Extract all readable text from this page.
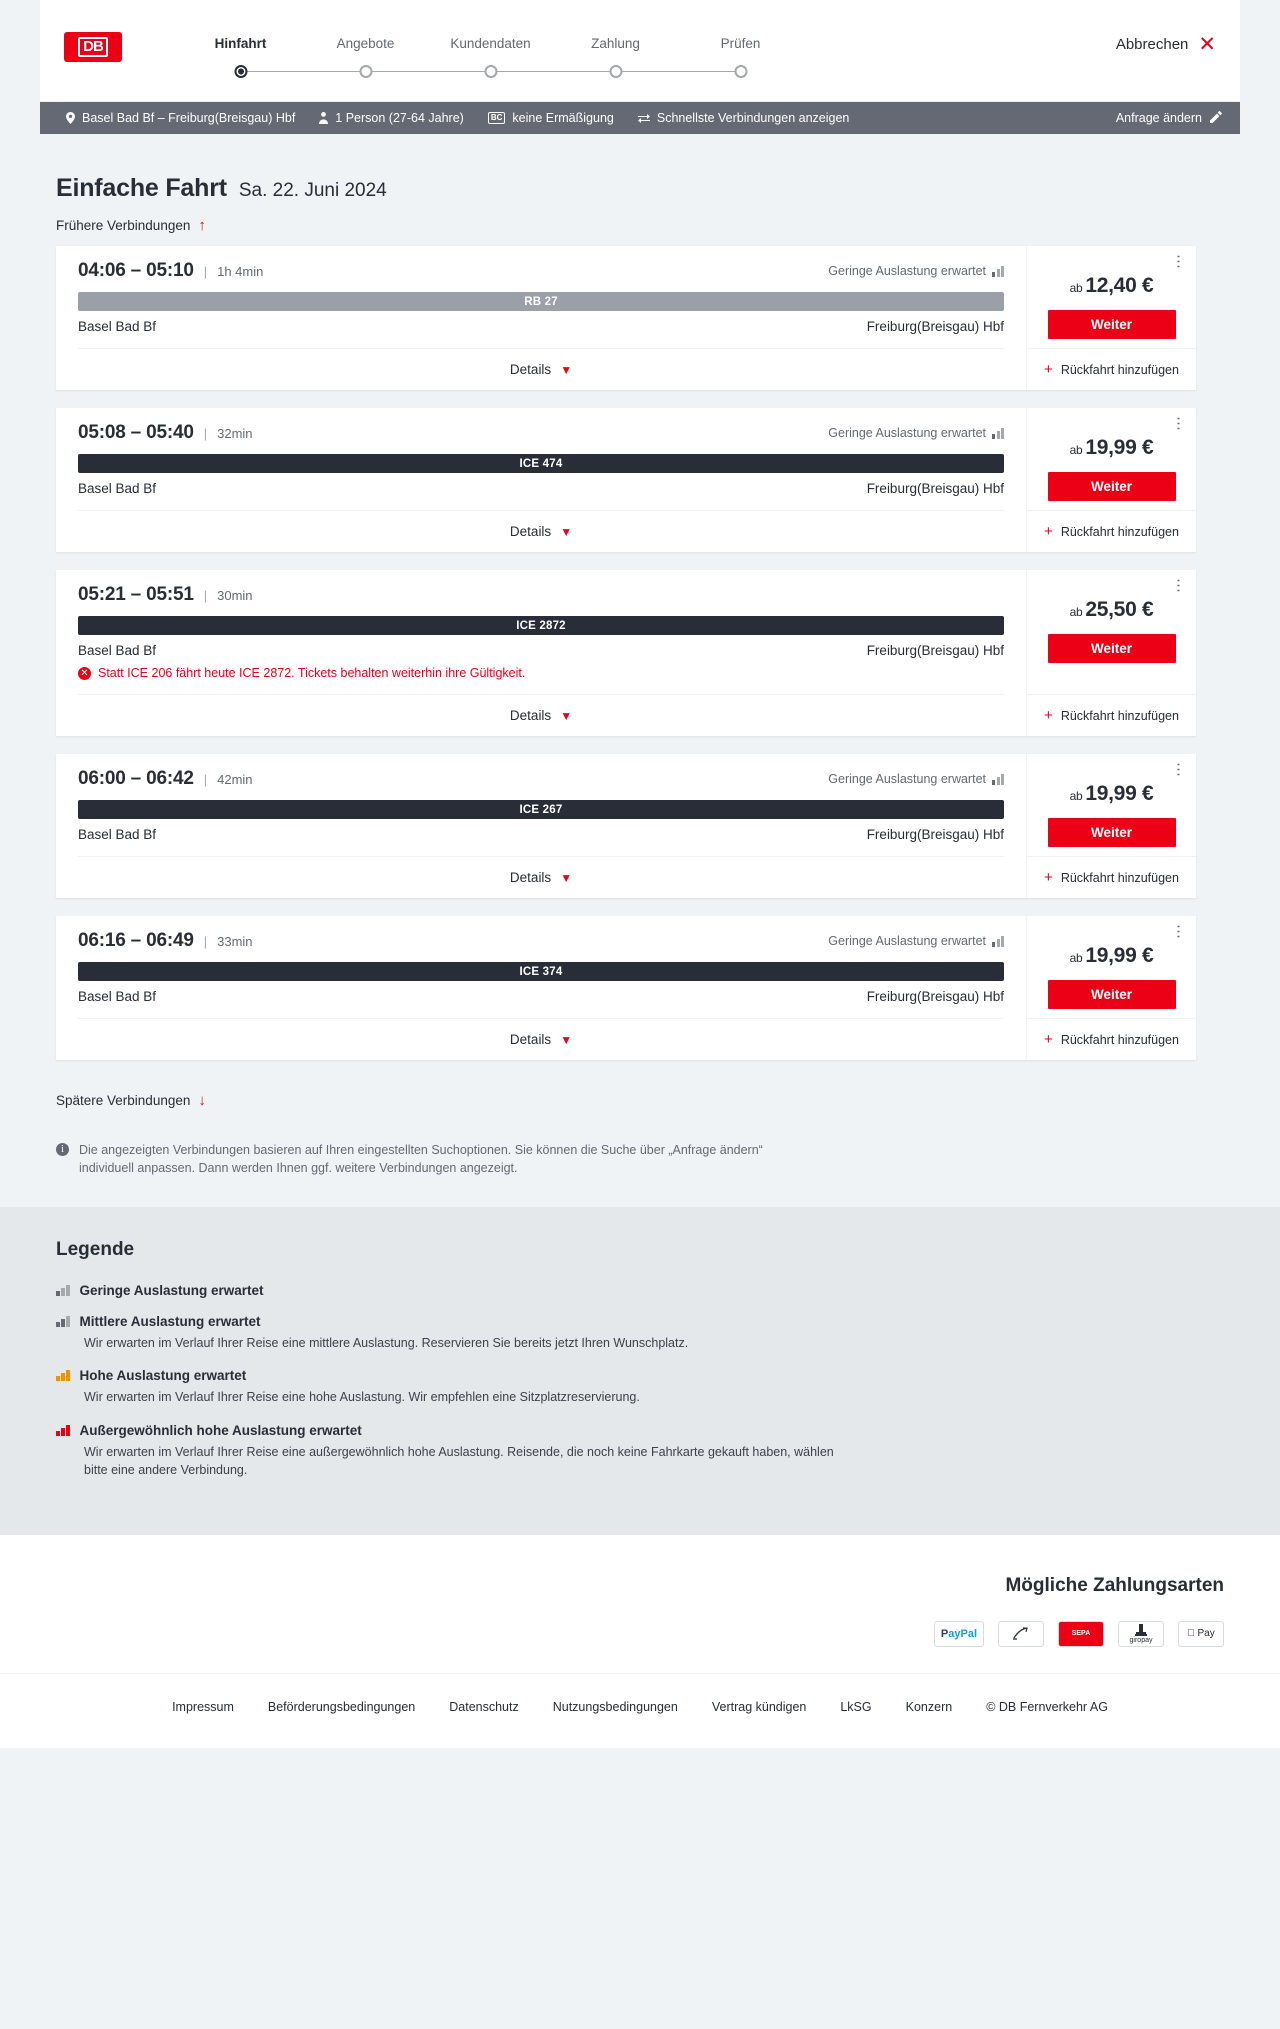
DB	Hinfahrt	Angebote	Kundendaten	Zahlung	Prüfen	Abbrechen ✕
Basel Bad Bf – Freiburg(Breisgau) Hbf	1 Person (27-64 Jahre)	BC keine Ermäßigung	Schnellste Verbindungen anzeigen	Anfrage ändern
Einfache Fahrt Sa. 22. Juni 2024
Frühere Verbindungen ↑
04:06 – 05:10 | 1h 4min	Geringe Auslastung erwartet
RB 27
Basel Bad Bf	Freiburg(Breisgau) Hbf
Details ▼
⋯
ab 12,40 €
Weiter
+ Rückfahrt hinzufügen
05:08 – 05:40 | 32min	Geringe Auslastung erwartet
ICE 474
Basel Bad Bf	Freiburg(Breisgau) Hbf
Details ▼
⋯
ab 19,99 €
Weiter
+ Rückfahrt hinzufügen
05:21 – 05:51 | 30min
ICE 2872
Basel Bad Bf	Freiburg(Breisgau) Hbf
✕ Statt ICE 206 fährt heute ICE 2872. Tickets behalten weiterhin ihre Gültigkeit.
Details ▼
⋯
ab 25,50 €
Weiter
+ Rückfahrt hinzufügen
06:00 – 06:42 | 42min	Geringe Auslastung erwartet
ICE 267
Basel Bad Bf	Freiburg(Breisgau) Hbf
Details ▼
⋯
ab 19,99 €
Weiter
+ Rückfahrt hinzufügen
06:16 – 06:49 | 33min	Geringe Auslastung erwartet
ICE 374
Basel Bad Bf	Freiburg(Breisgau) Hbf
Details ▼
⋯
ab 19,99 €
Weiter
+ Rückfahrt hinzufügen
Spätere Verbindungen ↓
i	Die angezeigten Verbindungen basieren auf Ihren eingestellten Suchoptionen. Sie können die Suche über „Anfrage ändern“ individuell anpassen. Dann werden Ihnen ggf. weitere Verbindungen angezeigt.
Legende
Geringe Auslastung erwartet
Mittlere Auslastung erwartet
Wir erwarten im Verlauf Ihrer Reise eine mittlere Auslastung. Reservieren Sie bereits jetzt Ihren Wunschplatz.
Hohe Auslastung erwartet
Wir erwarten im Verlauf Ihrer Reise eine hohe Auslastung. Wir empfehlen eine Sitzplatzreservierung.
Außergewöhnlich hohe Auslastung erwartet
Wir erwarten im Verlauf Ihrer Reise eine außergewöhnlich hohe Auslastung. Reisende, die noch keine Fahrkarte gekauft haben, wählen bitte eine andere Verbindung.
Mögliche Zahlungsarten
P ayPal	SEPA
giropay
Pay
Impressum	Beförderungsbedingungen	Datenschutz	Nutzungsbedingungen	Vertrag kündigen	LkSG	Konzern	© DB Fernverkehr AG
